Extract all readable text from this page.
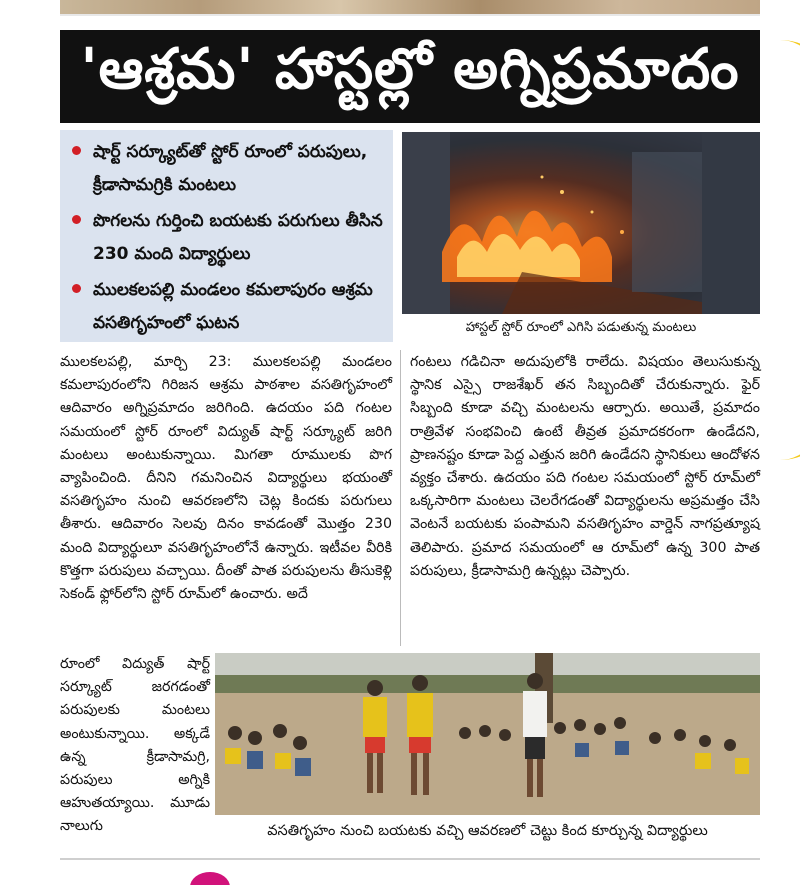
'ఆశ్రమ' హాస్టల్లో అగ్నిప్రమాదం
షార్ట్ సర్క్యూట్‌తో స్టోర్ రూంలో పరుపులు, క్రీడాసామగ్రికి మంటలు
పొగలను గుర్తించి బయటకు పరుగులు తీసిన 230 మంది విద్యార్థులు
ములకలపల్లి మండలం కమలాపురం ఆశ్రమ వసతిగృహంలో ఘటన	హాస్టల్ స్టోర్ రూంలో ఎగిసి పడుతున్న మంటలు

ములకలపల్లి, మార్చి 23: ములకలపల్లి మండలం కమలాపురంలోని గిరిజన ఆశ్రమ పాఠశాల వసతిగృహంలో ఆదివారం అగ్నిప్రమాదం జరిగింది. ఉదయం పది గంటల సమయంలో స్టోర్ రూంలో విద్యుత్ షార్ట్ సర్క్యూట్ జరిగి మంటలు అంటుకున్నాయి. మిగతా రూములకు పొగ వ్యాపించింది. దీనిని గమనించిన విద్యార్థులు భయంతో వసతిగృహం నుంచి ఆవరణలోని చెట్ల కిందకు పరుగులు తీశారు. ఆదివారం సెలవు దినం కావడంతో మొత్తం 230 మంది విద్యార్థులూ వసతిగృహంలోనే ఉన్నారు. ఇటీవల వీరికి కొత్తగా పరుపులు వచ్చాయి. దీంతో పాత పరుపులను తీసుకెళ్లి సెకండ్ ఫ్లోర్‌లోని స్టోర్ రూమ్‌లో ఉంచారు. అదే

గంటలు గడిచినా అదుపులోకి రాలేదు. విషయం తెలుసుకున్న స్థానిక ఎస్సై రాజశేఖర్ తన సిబ్బందితో చేరుకున్నారు. ఫైర్ సిబ్బంది కూడా వచ్చి మంటలను ఆర్పారు. అయితే, ప్రమాదం రాత్రివేళ సంభవించి ఉంటే తీవ్రత ప్రమాదకరంగా ఉండేదని, ప్రాణనష్టం కూడా పెద్ద ఎత్తున జరిగి ఉండేదని స్థానికులు ఆందోళన వ్యక్తం చేశారు. ఉదయం పది గంటల సమయంలో స్టోర్ రూమ్‌లో ఒక్కసారిగా మంటలు చెలరేగడంతో విద్యార్థులను అప్రమత్తం చేసి వెంటనే బయటకు పంపామని వసతిగృహం వార్డెన్ నాగప్రత్యూష తెలిపారు. ప్రమాద సమయంలో ఆ రూమ్‌లో ఉన్న 300 పాత పరుపులు, క్రీడాసామగ్రి ఉన్నట్లు చెప్పారు.

రూంలో విద్యుత్ షార్ట్ సర్క్యూట్ జరగడంతో పరుపులకు మంటలు అంటుకున్నాయి. అక్కడే ఉన్న క్రీడాసామగ్రి, పరుపులు అగ్నికి ఆహుతయ్యాయి. మూడు నాలుగు	వసతిగృహం నుంచి బయటకు వచ్చి ఆవరణలో చెట్టు కింద కూర్చున్న విద్యార్థులు
